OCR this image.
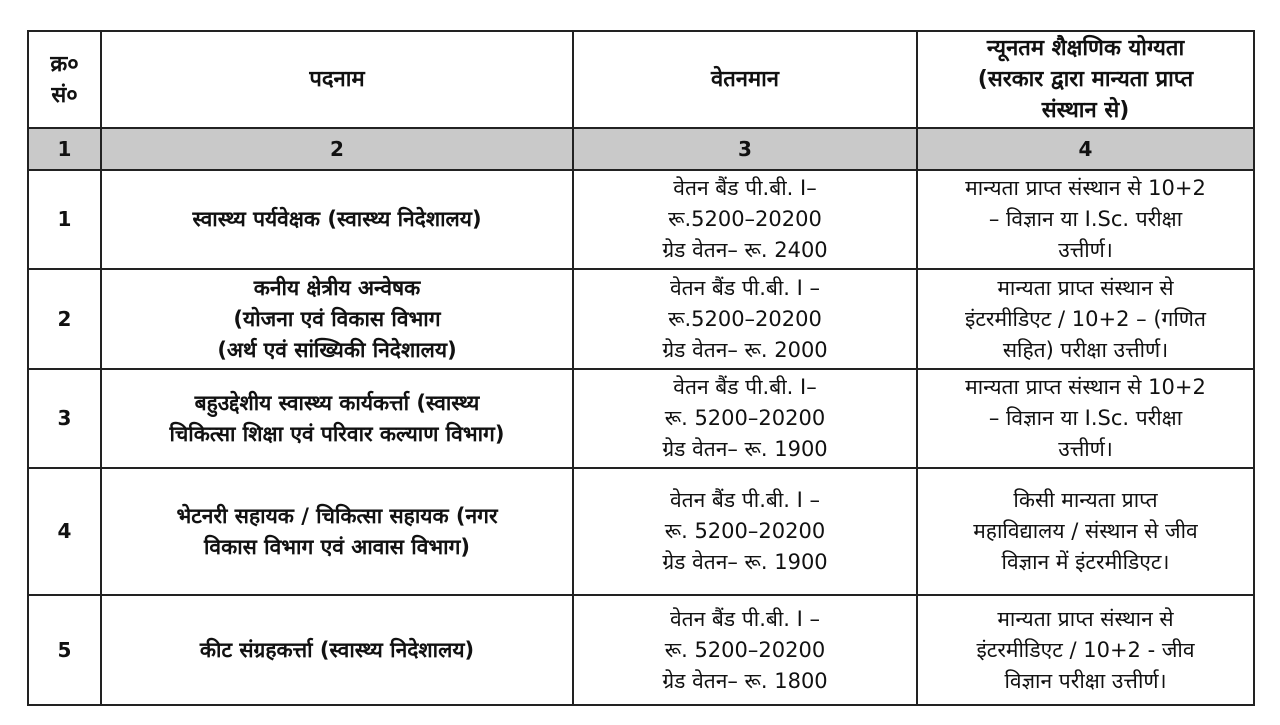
क्र०
सं०	पदनाम	वेतनमान	न्यूनतम शैक्षणिक योग्यता
(सरकार द्वारा मान्यता प्राप्त
संस्थान से)

1	2	3	4
1	स्वास्थ्य पर्यवेक्षक (स्वास्थ्य निदेशालय)	वेतन बैंड पी.बी. I–
रू.5200–20200
ग्रेड वेतन– रू. 2400	मान्यता प्राप्त संस्थान से 10+2
– विज्ञान या I.Sc. परीक्षा
उत्तीर्ण।

2	कनीय क्षेत्रीय अन्वेषक
(योजना एवं विकास विभाग
(अर्थ एवं सांख्यिकी निदेशालय)	वेतन बैंड पी.बी. I –
रू.5200–20200
ग्रेड वेतन– रू. 2000	मान्यता प्राप्त संस्थान से
इंटरमीडिएट / 10+2 – (गणित
सहित) परीक्षा उत्तीर्ण।

3	बहुउद्देशीय स्वास्थ्य कार्यकर्त्ता (स्वास्थ्य
चिकित्सा शिक्षा एवं परिवार कल्याण विभाग)	वेतन बैंड पी.बी. I–
रू. 5200–20200
ग्रेड वेतन– रू. 1900	मान्यता प्राप्त संस्थान से 10+2
– विज्ञान या I.Sc. परीक्षा
उत्तीर्ण।

4	भेटनरी सहायक / चिकित्सा सहायक (नगर
विकास विभाग एवं आवास विभाग)	वेतन बैंड पी.बी. I –
रू. 5200–20200
ग्रेड वेतन– रू. 1900	किसी मान्यता प्राप्त
महाविद्यालय / संस्थान से जीव
विज्ञान में इंटरमीडिएट।

5	कीट संग्रहकर्त्ता (स्वास्थ्य निदेशालय)	वेतन बैंड पी.बी. I –
रू. 5200–20200
ग्रेड वेतन– रू. 1800	मान्यता प्राप्त संस्थान से
इंटरमीडिएट / 10+2 - जीव
विज्ञान परीक्षा उत्तीर्ण।
